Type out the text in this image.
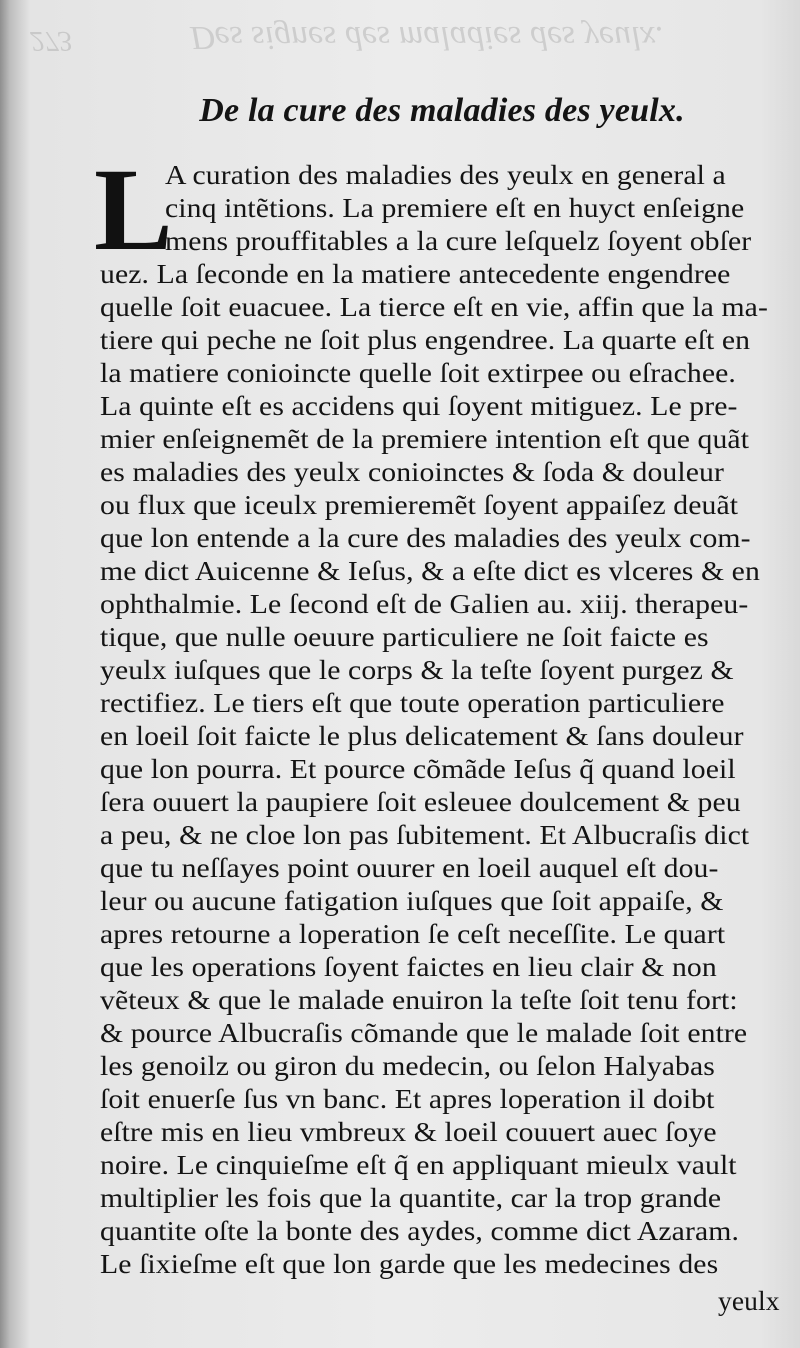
273	Des signes des maladies des yeulx.
De la cure des maladies des yeulx.
L
A curation des maladies des yeulx en general a
cinq intẽtions. La premiere eſt en huyct enſeigne
mens prouffitables a la cure leſquelz ſoyent obſer
uez. La ſeconde en la matiere antecedente engendree
quelle ſoit euacuee. La tierce eſt en vie, affin que la ma-
tiere qui peche ne ſoit plus engendree. La quarte eſt en
la matiere conioincte quelle ſoit extirpee ou eſrachee.
La quinte eſt es accidens qui ſoyent mitiguez. Le pre-
mier enſeignemẽt de la premiere intention eſt que quãt
es maladies des yeulx conioinctes & ſoda & douleur
ou flux que iceulx premieremẽt ſoyent appaiſez deuãt
que lon entende a la cure des maladies des yeulx com-
me dict Auicenne & Ieſus, & a eſte dict es vlceres & en
ophthalmie. Le ſecond eſt de Galien au. xiij. therapeu-
tique, que nulle oeuure particuliere ne ſoit faicte es
yeulx iuſques que le corps & la teſte ſoyent purgez &
rectifiez. Le tiers eſt que toute operation particuliere
en loeil ſoit faicte le plus delicatement & ſans douleur
que lon pourra. Et pource cõmãde Ieſus q̃ quand loeil
ſera ouuert la paupiere ſoit esleuee doulcement & peu
a peu, & ne cloe lon pas ſubitement. Et Albucraſis dict
que tu neſſayes point ouurer en loeil auquel eſt dou-
leur ou aucune fatigation iuſques que ſoit appaiſe, &
apres retourne a loperation ſe ceſt neceſſite. Le quart
que les operations ſoyent faictes en lieu clair & non
vẽteux & que le malade enuiron la teſte ſoit tenu fort:
& pource Albucraſis cõmande que le malade ſoit entre
les genoilz ou giron du medecin, ou ſelon Halyabas
ſoit enuerſe ſus vn banc. Et apres loperation il doibt
eſtre mis en lieu vmbreux & loeil couuert auec ſoye
noire. Le cinquieſme eſt q̃ en appliquant mieulx vault
multiplier les fois que la quantite, car la trop grande
quantite oſte la bonte des aydes, comme dict Azaram.
Le ſixieſme eſt que lon garde que les medecines des
yeulx
